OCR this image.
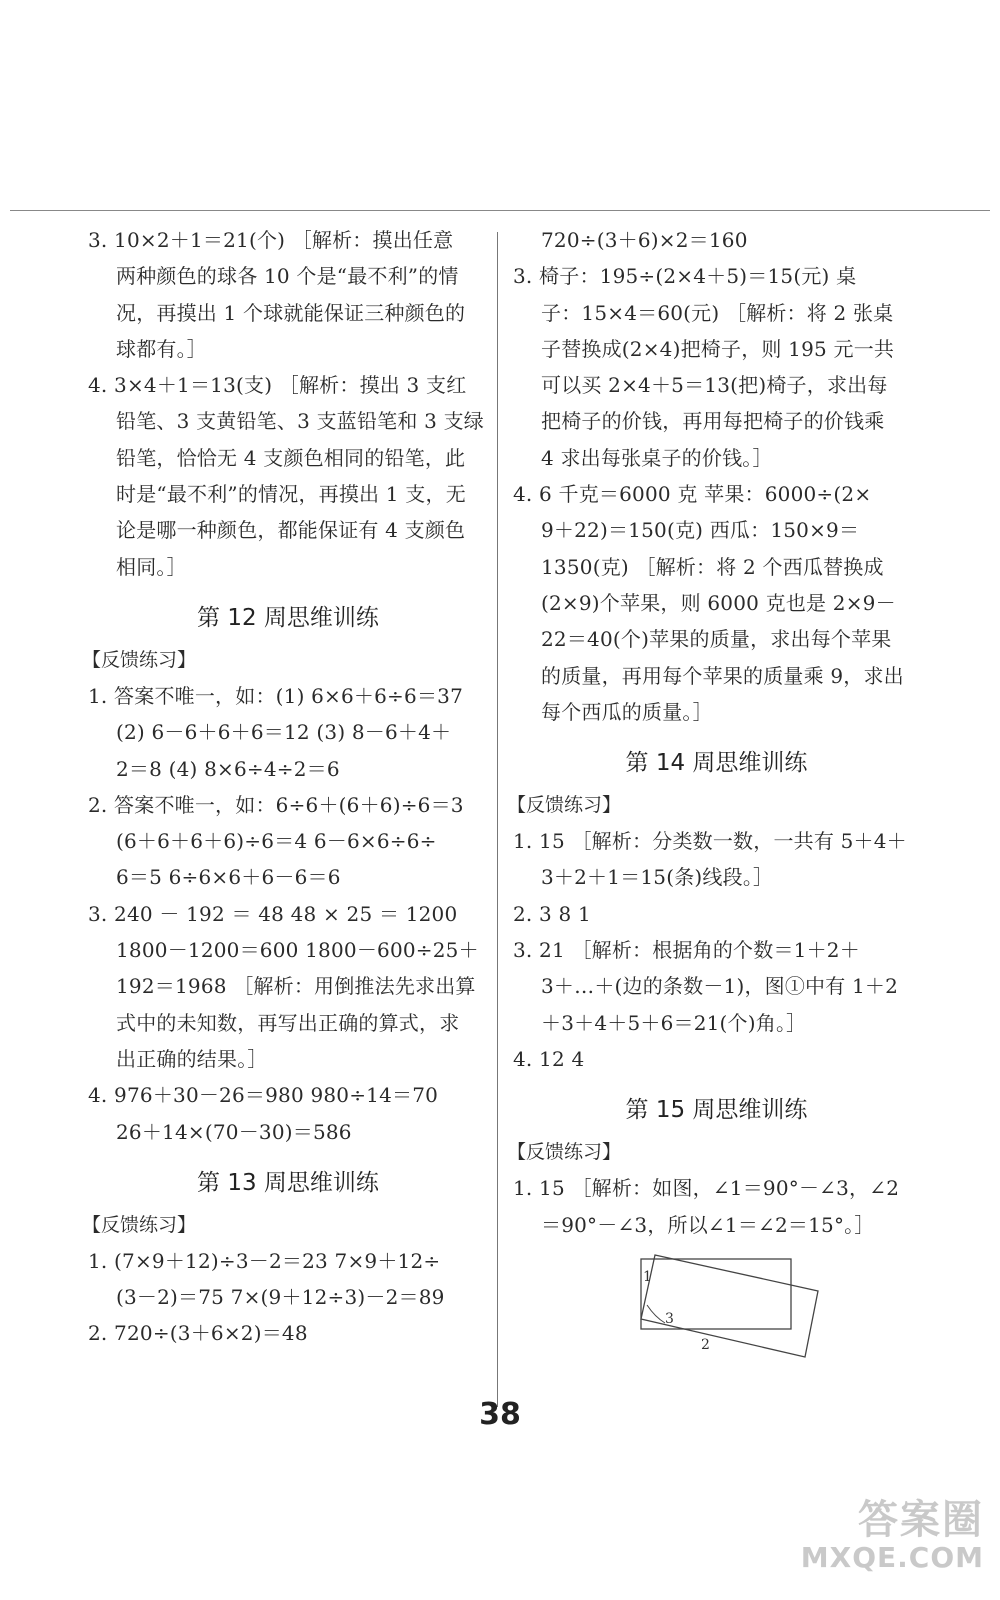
3. 10×2＋1＝21(个) ［解析：摸出任意
两种颜色的球各 10 个是“最不利”的情
况，再摸出 1 个球就能保证三种颜色的
球都有。］
4. 3×4＋1＝13(支) ［解析：摸出 3 支红
铅笔、3 支黄铅笔、3 支蓝铅笔和 3 支绿
铅笔，恰恰无 4 支颜色相同的铅笔，此
时是“最不利”的情况，再摸出 1 支，无
论是哪一种颜色，都能保证有 4 支颜色
相同。］
第 12 周思维训练
【反馈练习】
1. 答案不唯一，如：(1) 6×6＋6÷6＝37
(2) 6－6＋6＋6＝12 (3) 8－6＋4＋
2＝8 (4) 8×6÷4÷2＝6
2. 答案不唯一，如：6÷6＋(6＋6)÷6＝3
(6＋6＋6＋6)÷6＝4 6－6×6÷6÷
6＝5 6÷6×6＋6－6＝6
3. 240 － 192 ＝ 48 48 × 25 ＝ 1200
1800－1200＝600 1800－600÷25＋
192＝1968 ［解析：用倒推法先求出算
式中的未知数，再写出正确的算式，求
出正确的结果。］
4. 976＋30－26＝980 980÷14＝70
26＋14×(70－30)＝586
第 13 周思维训练
【反馈练习】
1. (7×9＋12)÷3－2＝23 7×9＋12÷
(3－2)＝75 7×(9＋12÷3)－2＝89
2. 720÷(3＋6×2)＝48
720÷(3＋6)×2＝160
3. 椅子：195÷(2×4＋5)＝15(元) 桌
子：15×4＝60(元) ［解析：将 2 张桌
子替换成(2×4)把椅子，则 195 元一共
可以买 2×4＋5＝13(把)椅子，求出每
把椅子的价钱，再用每把椅子的价钱乘
4 求出每张桌子的价钱。］
4. 6 千克＝6000 克 苹果：6000÷(2×
9＋22)＝150(克) 西瓜：150×9＝
1350(克) ［解析：将 2 个西瓜替换成
(2×9)个苹果，则 6000 克也是 2×9－
22＝40(个)苹果的质量，求出每个苹果
的质量，再用每个苹果的质量乘 9，求出
每个西瓜的质量。］
第 14 周思维训练
【反馈练习】
1. 15 ［解析：分类数一数，一共有 5＋4＋
3＋2＋1＝15(条)线段。］
2. 3 8 1
3. 21 ［解析：根据角的个数＝1＋2＋
3＋…＋(边的条数－1)，图①中有 1＋2
＋3＋4＋5＋6＝21(个)角。］
4. 12 4
第 15 周思维训练
【反馈练习】
1. 15 ［解析：如图，∠1＝90°－∠3，∠2
＝90°－∠3，所以∠1＝∠2＝15°。］
1
3
2
38
答案圈
MXQE.COM
